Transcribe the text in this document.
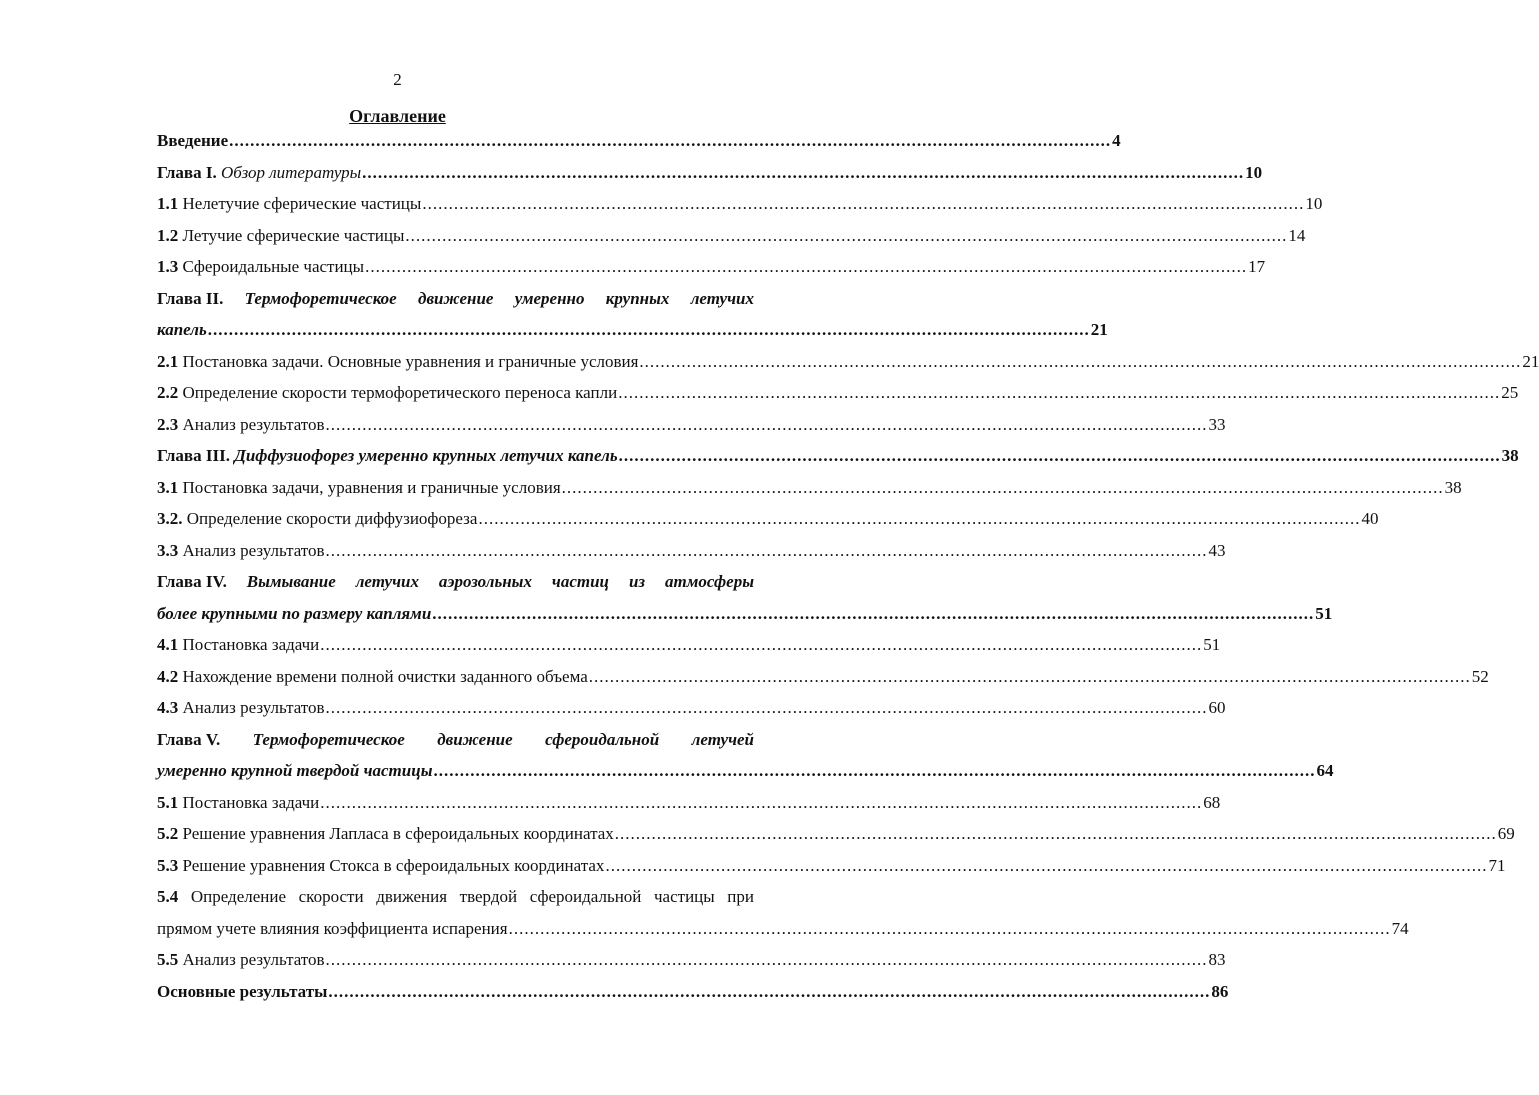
2
Оглавление
Введение ........................................................................................................................................................................ 4
Глава I. Обзор литературы ........................................................................................................................................................................ 10
1.1 Нелетучие сферические частицы ........................................................................................................................................................................ 10
1.2 Летучие сферические частицы ........................................................................................................................................................................ 14
1.3 Сфероидальные частицы ........................................................................................................................................................................ 17
Глава II. Термофоретическое движение умеренно крупных летучих
капель ........................................................................................................................................................................ 21
2.1 Постановка задачи. Основные уравнения и граничные условия ........................................................................................................................................................................ 21
2.2 Определение скорости термофоретического переноса капли ........................................................................................................................................................................ 25
2.3 Анализ результатов ........................................................................................................................................................................ 33
Глава III. Диффузиофорез умеренно крупных летучих капель ........................................................................................................................................................................ 38
3.1 Постановка задачи, уравнения и граничные условия ........................................................................................................................................................................ 38
3.2. Определение скорости диффузиофореза ........................................................................................................................................................................ 40
3.3 Анализ результатов ........................................................................................................................................................................ 43
Глава IV. Вымывание летучих аэрозольных частиц из атмосферы
более крупными по размеру каплями ........................................................................................................................................................................ 51
4.1 Постановка задачи ........................................................................................................................................................................ 51
4.2 Нахождение времени полной очистки заданного объема ........................................................................................................................................................................ 52
4.3 Анализ результатов ........................................................................................................................................................................ 60
Глава V. Термофоретическое движение сфероидальной летучей
умеренно крупной твердой частицы ........................................................................................................................................................................ 64
5.1 Постановка задачи ........................................................................................................................................................................ 68
5.2 Решение уравнения Лапласа в сфероидальных координатах ........................................................................................................................................................................ 69
5.3 Решение уравнения Стокса в сфероидальных координатах ........................................................................................................................................................................ 71
5.4 Определение скорости движения твердой сфероидальной частицы при
прямом учете влияния коэффициента испарения ........................................................................................................................................................................ 74
5.5 Анализ результатов ........................................................................................................................................................................ 83
Основные результаты ........................................................................................................................................................................ 86
